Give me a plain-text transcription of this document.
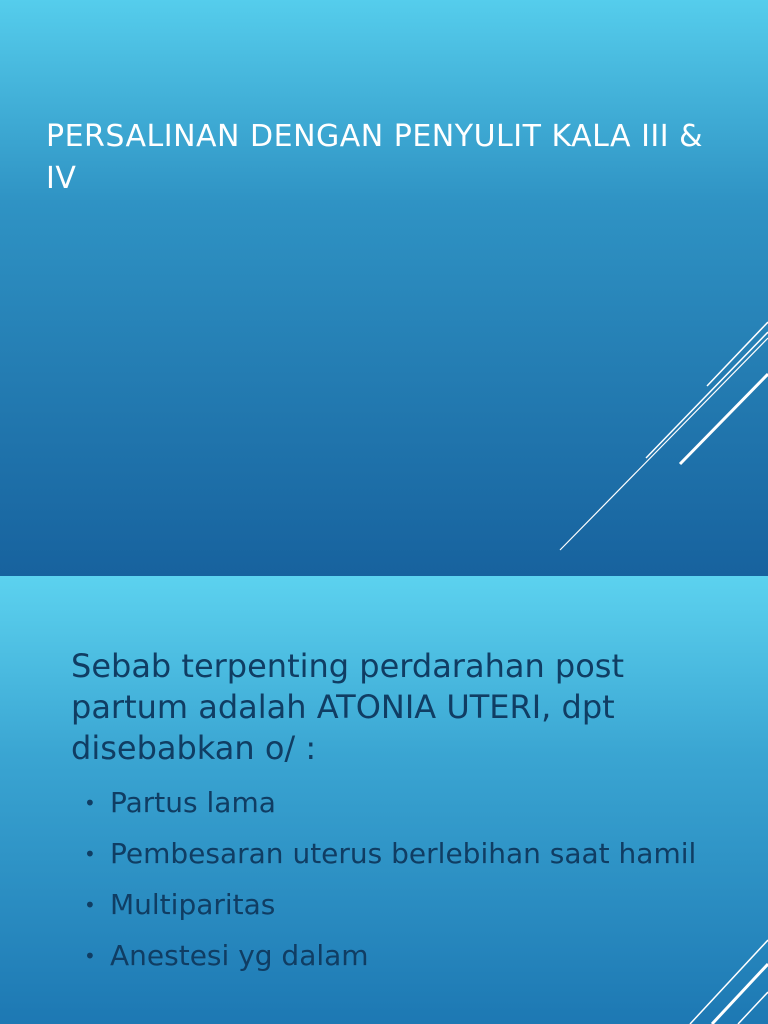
PERSALINAN DENGAN PENYULIT KALA III & IV

Sebab terpenting perdarahan post partum adalah ATONIA UTERI, dpt disebabkan o/ :

• Partus lama
• Pembesaran uterus berlebihan saat hamil
• Multiparitas
• Anestesi yg dalam
